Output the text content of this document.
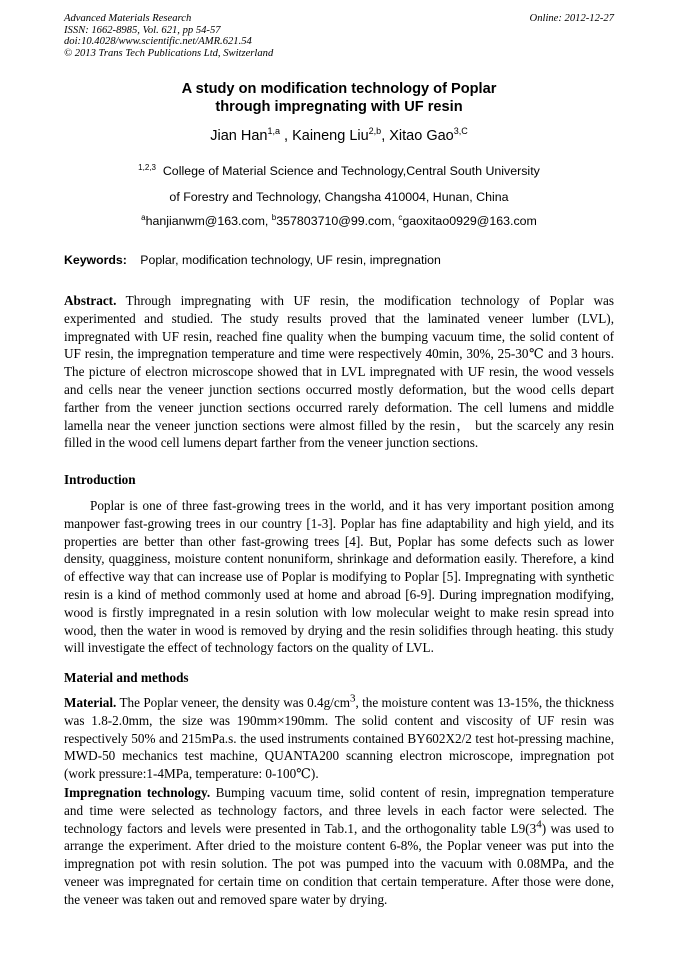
Advanced Materials Research
ISSN: 1662-8985, Vol. 621, pp 54-57
doi:10.4028/www.scientific.net/AMR.621.54
© 2013 Trans Tech Publications Ltd, Switzerland
Online: 2012-12-27
A study on modification technology of Poplar
through impregnating with UF resin
Jian Han$^{1,a}$ , Kaineng Liu$^{2,b}$, Xitao Gao$^{3,C}$
$^{1,2,3}$ College of Material Science and Technology,Central South University
of Forestry and Technology, Changsha 410004, Hunan, China
$^a$hanjianwm@163.com, $^b$357803710@99.com, $^c$gaoxitao0929@163.com
Keywords: Poplar, modification technology, UF resin, impregnation
Abstract. Through impregnating with UF resin, the modification technology of Poplar was experimented and studied. The study results proved that the laminated veneer lumber (LVL), impregnated with UF resin, reached fine quality when the bumping vacuum time, the solid content of UF resin, the impregnation temperature and time were respectively 40min, 30%, 25-30℃ and 3 hours. The picture of electron microscope showed that in LVL impregnated with UF resin, the wood vessels and cells near the veneer junction sections occurred mostly deformation, but the wood cells depart farther from the veneer junction sections occurred rarely deformation. The cell lumens and middle lamella near the veneer junction sections were almost filled by the resin， but the scarcely any resin filled in the wood cell lumens depart farther from the veneer junction sections.
Introduction
Poplar is one of three fast-growing trees in the world, and it has very important position among manpower fast-growing trees in our country [1-3]. Poplar has fine adaptability and high yield, and its properties are better than other fast-growing trees [4]. But, Poplar has some defects such as lower density, quagginess, moisture content nonuniform, shrinkage and deformation easily. Therefore, a kind of effective way that can increase use of Poplar is modifying to Poplar [5]. Impregnating with synthetic resin is a kind of method commonly used at home and abroad [6-9]. During impregnation modifying, wood is firstly impregnated in a resin solution with low molecular weight to make resin spread into wood, then the water in wood is removed by drying and the resin solidifies through heating. this study will investigate the effect of technology factors on the quality of LVL.
Material and methods
Material. The Poplar veneer, the density was $0.4g/cm^3$, the moisture content was 13-15%, the thickness was 1.8-2.0mm, the size was 190mm×190mm. The solid content and viscosity of UF resin was respectively 50% and 215mPa.s. the used instruments contained BY602X2/2 test hot-pressing machine, MWD-50 mechanics test machine, QUANTA200 scanning electron microscope, impregnation pot (work pressure:1-4MPa, temperature: 0-100℃).
Impregnation technology. Bumping vacuum time, solid content of resin, impregnation temperature and time were selected as technology factors, and three levels in each factor were selected. The technology factors and levels were presented in Tab.1, and the orthogonality table $L9(3^4)$ was used to arrange the experiment. After dried to the moisture content 6-8%, the Poplar veneer was put into the impregnation pot with resin solution. The pot was pumped into the vacuum with 0.08MPa, and the veneer was impregnated for certain time on condition that certain temperature. After those were done, the veneer was taken out and removed spare water by drying.
